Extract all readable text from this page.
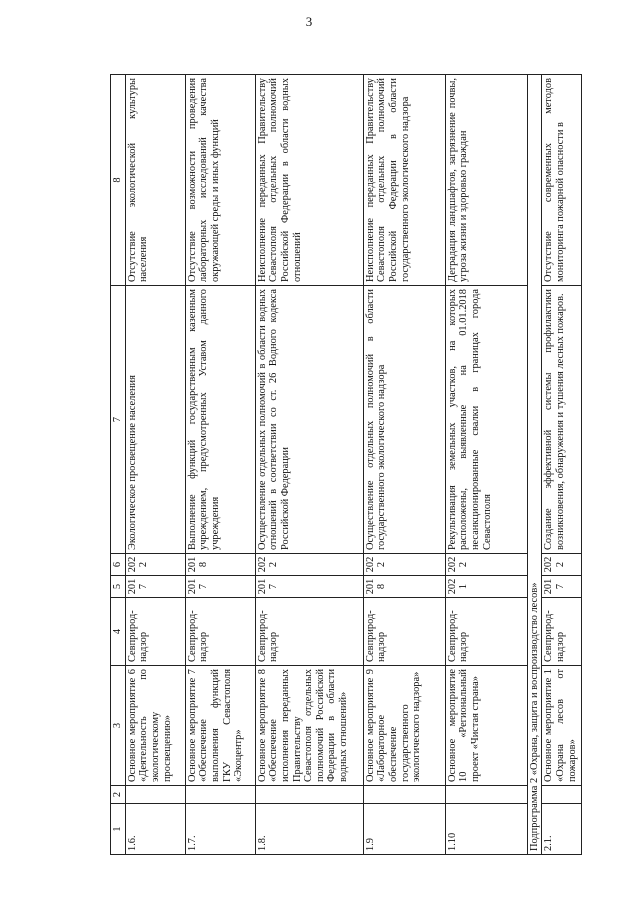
3
1	2	3	4	5	6	7	8
1.6.		Основное мероприятие 6 «Деятельность по экологическому просвещению»	Севприрод-надзор	2017	2022	Экологическое просвещение населения	Отсутствие экологической культуры населения
1.7.		Основное мероприятие 7 «Обеспечение выполнения функций ГКУ Севастополя «Экоцентр»	Севприрод-надзор	2017	2018	Выполнение функций государственным казенным учреждением, предусмотренных Уставом данного учреждения	Отсутствие возможности проведения лабораторных исследований качества окружающей среды и иных функций
1.8.		Основное мероприятие 8 «Обеспечение исполнения переданных Правительству Севастополя отдельных полномочий Российской Федерации в области водных отношений»	Севприрод-надзор	2017	2022	Осуществление отдельных полномочий в области водных отношений в соответствии со ст. 26 Водного кодекса Российской Федерации	Неисполнение переданных Правительству Севастополя отдельных полномочий Российской Федерации в области водных отношений
1.9		Основное мероприятие 9 «Лабораторное обеспечение государственного экологического надзора»	Севприрод-надзор	2018	2022	Осуществление отдельных полномочий в области государственного экологического надзора	Неисполнение переданных Правительству Севастополя отдельных полномочий Российской Федерации в области государственного экологического надзора
1.10		Основное мероприятие 10 «Региональный проект «Чистая страна»	Севприрод-надзор	2021	2022	Рекультивация земельных участков, на которых расположены, выявленные на 01.01.2018 несанкционированные свалки в границах города Севастополя	Деградация ландшафтов, загрязнение почвы, угроза жизни и здоровью граждан
Подпрограмма 2 «Охрана, защита и воспроизводство лесов»							
2.1.		Основное мероприятие 1 «Охрана лесов от пожаров»	Севприрод-надзор	2017	2022	Создание эффективной системы профилактики возникновения, обнаружения и тушения лесных пожаров.	Отсутствие современных методов мониторинга пожарной опасности в
